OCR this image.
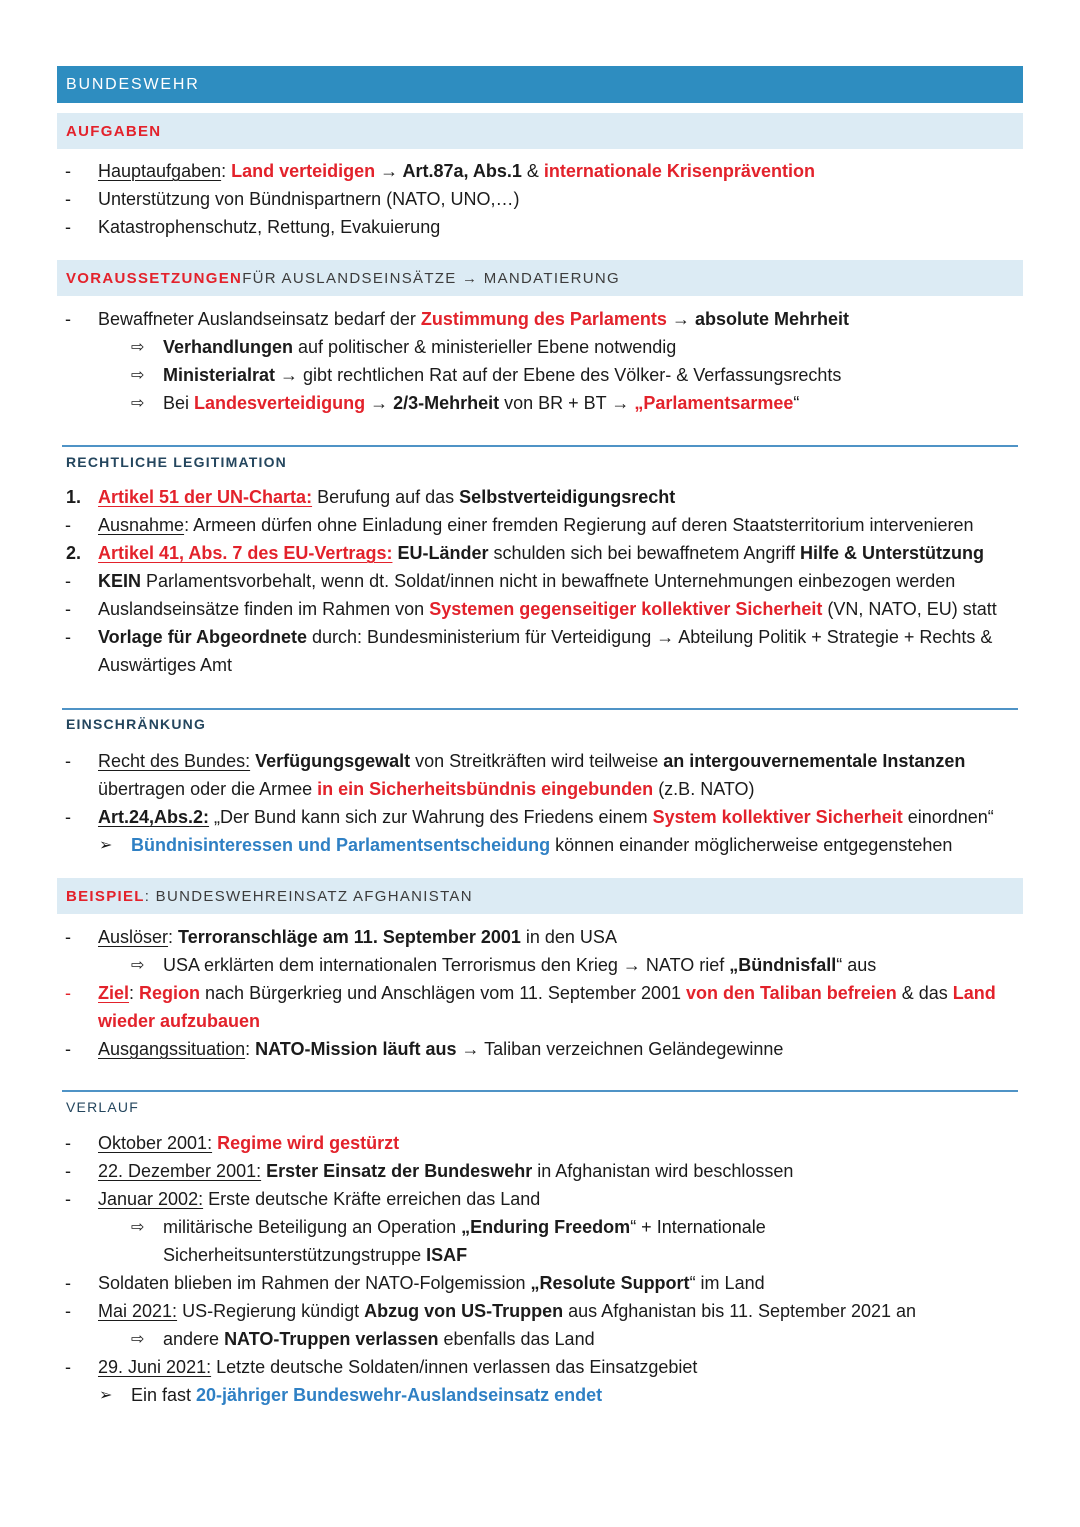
BUNDESWEHR
AUFGABEN
- Hauptaufgaben: Land verteidigen → Art.87a, Abs.1 & internationale Krisenprävention
- Unterstützung von Bündnispartnern (NATO, UNO,…)
- Katastrophenschutz, Rettung, Evakuierung
VORAUSSETZUNGEN FÜR AUSLANDSEINSÄTZE → MANDATIERUNG
- Bewaffneter Auslandseinsatz bedarf der Zustimmung des Parlaments → absolute Mehrheit
⇨ Verhandlungen auf politischer & ministerieller Ebene notwendig
⇨ Ministerialrat → gibt rechtlichen Rat auf der Ebene des Völker- & Verfassungsrechts
⇨ Bei Landesverteidigung → 2/3-Mehrheit von BR + BT → „Parlamentsarmee“
RECHTLICHE LEGITIMATION
1. Artikel 51 der UN-Charta: Berufung auf das Selbstverteidigungsrecht
- Ausnahme: Armeen dürfen ohne Einladung einer fremden Regierung auf deren Staatsterritorium intervenieren
2. Artikel 41, Abs. 7 des EU-Vertrags: EU-Länder schulden sich bei bewaffnetem Angriff Hilfe & Unterstützung
- KEIN Parlamentsvorbehalt, wenn dt. Soldat/innen nicht in bewaffnete Unternehmungen einbezogen werden
- Auslandseinsätze finden im Rahmen von Systemen gegenseitiger kollektiver Sicherheit (VN, NATO, EU) statt
- Vorlage für Abgeordnete durch: Bundesministerium für Verteidigung → Abteilung Politik + Strategie + Rechts &
Auswärtiges Amt
EINSCHRÄNKUNG
- Recht des Bundes: Verfügungsgewalt von Streitkräften wird teilweise an intergouvernementale Instanzen
übertragen oder die Armee in ein Sicherheitsbündnis eingebunden (z.B. NATO)
- Art.24,Abs.2: „Der Bund kann sich zur Wahrung des Friedens einem System kollektiver Sicherheit einordnen“
➢ Bündnisinteressen und Parlamentsentscheidung können einander möglicherweise entgegenstehen
BEISPIEL : BUNDESWEHREINSATZ AFGHANISTAN
- Auslöser: Terroranschläge am 11. September 2001 in den USA
⇨ USA erklärten dem internationalen Terrorismus den Krieg → NATO rief „Bündnisfall“ aus
- Ziel: Region nach Bürgerkrieg und Anschlägen vom 11. September 2001 von den Taliban befreien & das Land
wieder aufzubauen
- Ausgangssituation: NATO-Mission läuft aus → Taliban verzeichnen Geländegewinne
VERLAUF
- Oktober 2001: Regime wird gestürzt
- 22. Dezember 2001: Erster Einsatz der Bundeswehr in Afghanistan wird beschlossen
- Januar 2002: Erste deutsche Kräfte erreichen das Land
⇨ militärische Beteiligung an Operation „Enduring Freedom“ + Internationale
Sicherheitsunterstützungstruppe ISAF
- Soldaten blieben im Rahmen der NATO-Folgemission „Resolute Support“ im Land
- Mai 2021: US-Regierung kündigt Abzug von US-Truppen aus Afghanistan bis 11. September 2021 an
⇨ andere NATO-Truppen verlassen ebenfalls das Land
- 29. Juni 2021: Letzte deutsche Soldaten/innen verlassen das Einsatzgebiet
➢ Ein fast 20-jähriger Bundeswehr-Auslandseinsatz endet
